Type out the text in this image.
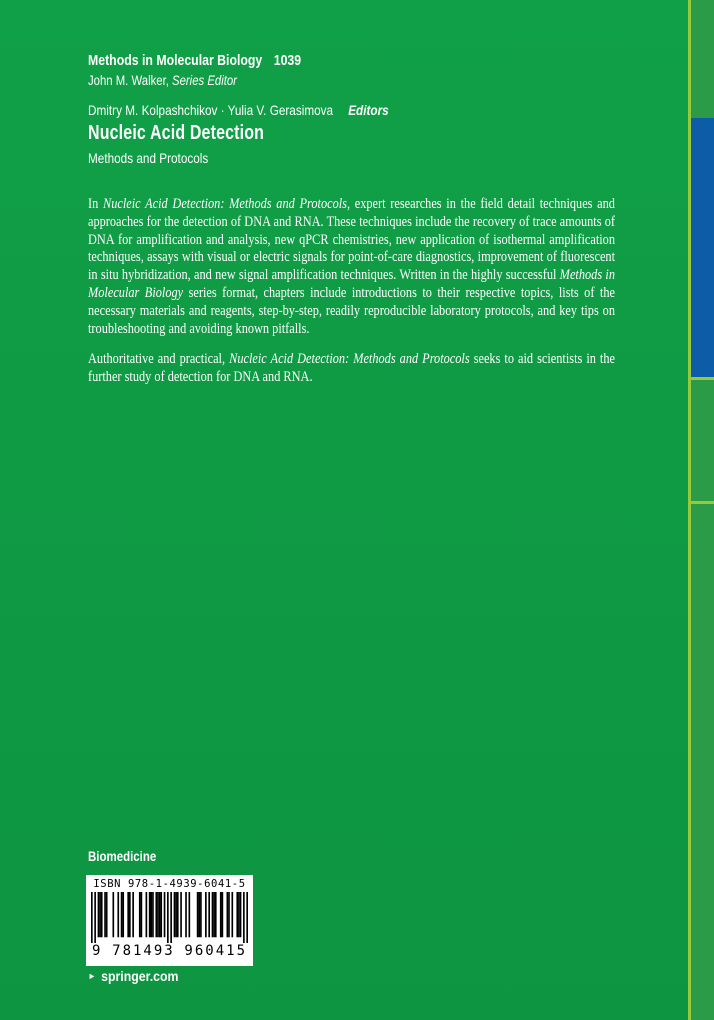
Methods in Molecular Biology 1039
John M. Walker, Series Editor
Dmitry M. Kolpashchikov · Yulia V. Gerasimova Editors
Nucleic Acid Detection
Methods and Protocols

In Nucleic Acid Detection: Methods and Protocols, expert researches in the field detail techniques and approaches for the detection of DNA and RNA. These techniques include the recovery of trace amounts of DNA for amplification and analysis, new qPCR chemistries, new application of isothermal amplification techniques, assays with visual or electric signals for point-of-care diagnostics, improvement of fluorescent in situ hybridization, and new signal amplification techniques. Written in the highly successful Methods in Molecular Biology series format, chapters include introductions to their respective topics, lists of the necessary materials and reagents, step-by-step, readily reproducible laboratory protocols, and key tips on troubleshooting and avoiding known pitfalls.

Authoritative and practical, Nucleic Acid Detection: Methods and Protocols seeks to aid scientists in the further study of detection for DNA and RNA.

Biomedicine
ISBN 978-1-4939-6041-5
9 781493 960415
► springer.com
